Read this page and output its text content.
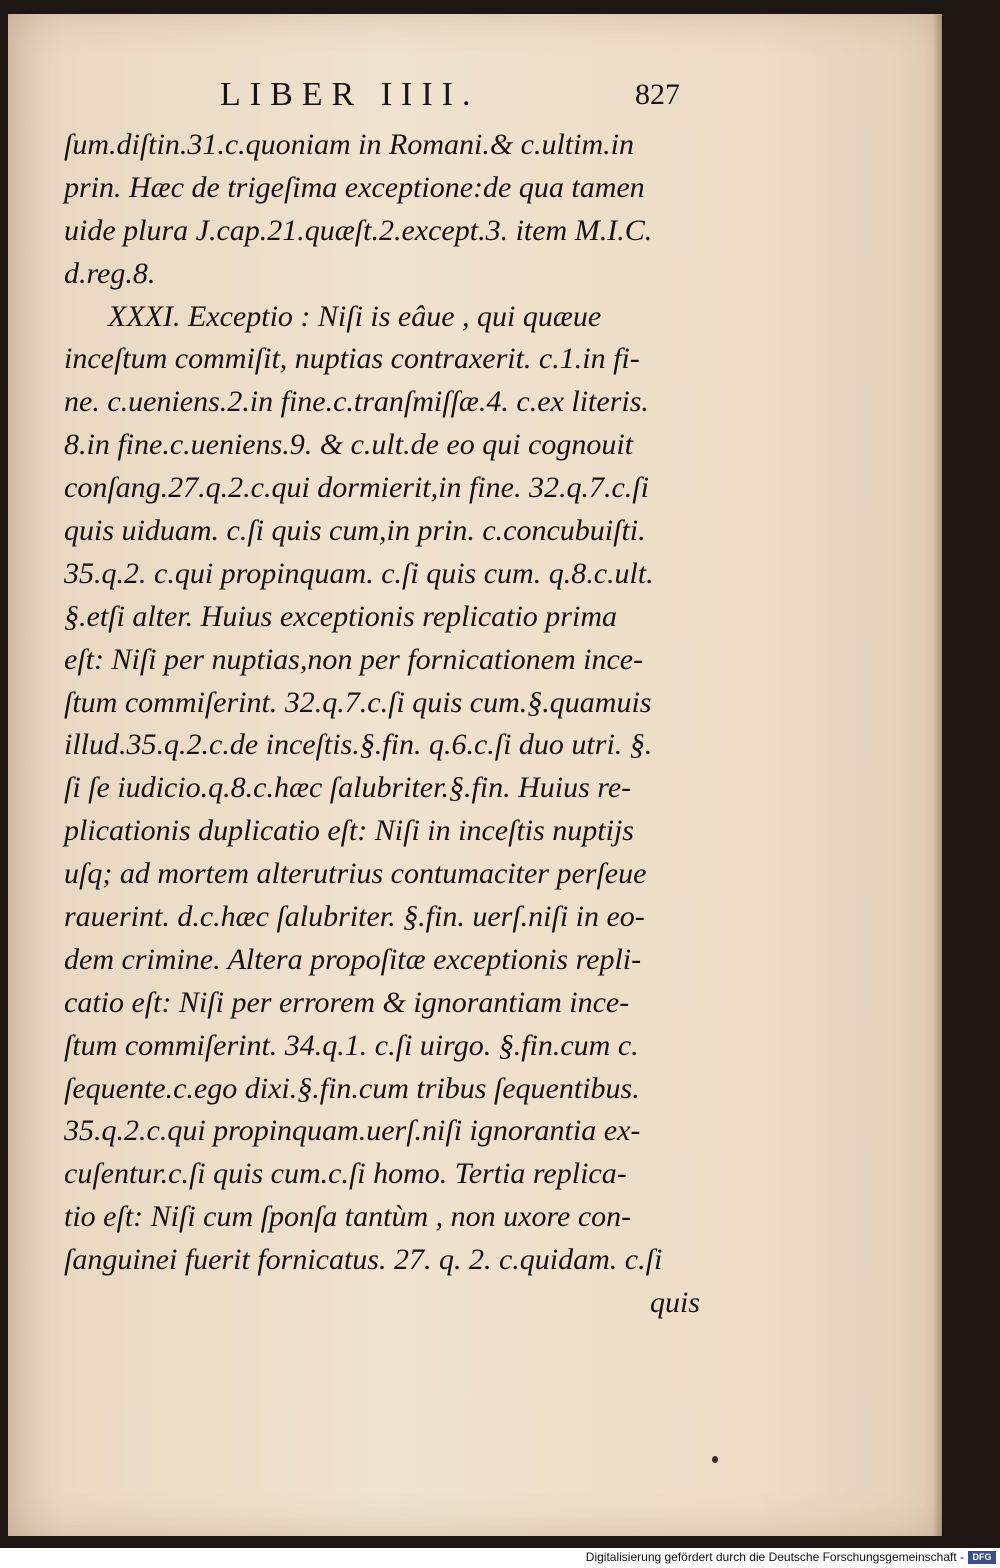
LIBER IIII.	827
ſum.diſtin.31.c.quoniam in Romani.& c.ultim.in
prin. Hæc de trigeſima exceptione:de qua tamen
uide plura J.cap.21.quæſt.2.except.3. item M.I.C.
d.reg.8.
XXXI. Exceptio : Niſi is eâue , qui quæue
inceſtum commiſit, nuptias contraxerit. c.1.in fi-
ne. c.ueniens.2.in fine.c.tranſmiſſæ.4. c.ex literis.
8.in fine.c.ueniens.9. & c.ult.de eo qui cognouit
conſang.27.q.2.c.qui dormierit,in fine. 32.q.7.c.ſi
quis uiduam. c.ſi quis cum,in prin. c.concubuiſti.
35.q.2. c.qui propinquam. c.ſi quis cum. q.8.c.ult.
§.etſi alter. Huius exceptionis replicatio prima
eſt: Niſi per nuptias,non per fornicationem ince-
ſtum commiſerint. 32.q.7.c.ſi quis cum.§.quamuis
illud.35.q.2.c.de inceſtis.§.fin. q.6.c.ſi duo utri. §.
ſi ſe iudicio.q.8.c.hæc ſalubriter.§.fin. Huius re-
plicationis duplicatio eſt: Niſi in inceſtis nuptijs
uſq; ad mortem alterutrius contumaciter perſeue
rauerint. d.c.hæc ſalubriter. §.fin. uerſ.niſi in eo-
dem crimine. Altera propoſitæ exceptionis repli-
catio eſt: Niſi per errorem & ignorantiam ince-
ſtum commiſerint. 34.q.1. c.ſi uirgo. §.fin.cum c.
ſequente.c.ego dixi.§.fin.cum tribus ſequentibus.
35.q.2.c.qui propinquam.uerſ.niſi ignorantia ex-
cuſentur.c.ſi quis cum.c.ſi homo. Tertia replica-
tio eſt: Niſi cum ſponſa tantùm , non uxore con-
ſanguinei fuerit fornicatus. 27. q. 2. c.quidam. c.ſi
quis
Digitalisierung gefördert durch die Deutsche Forschungsgemeinschaft - DFG
